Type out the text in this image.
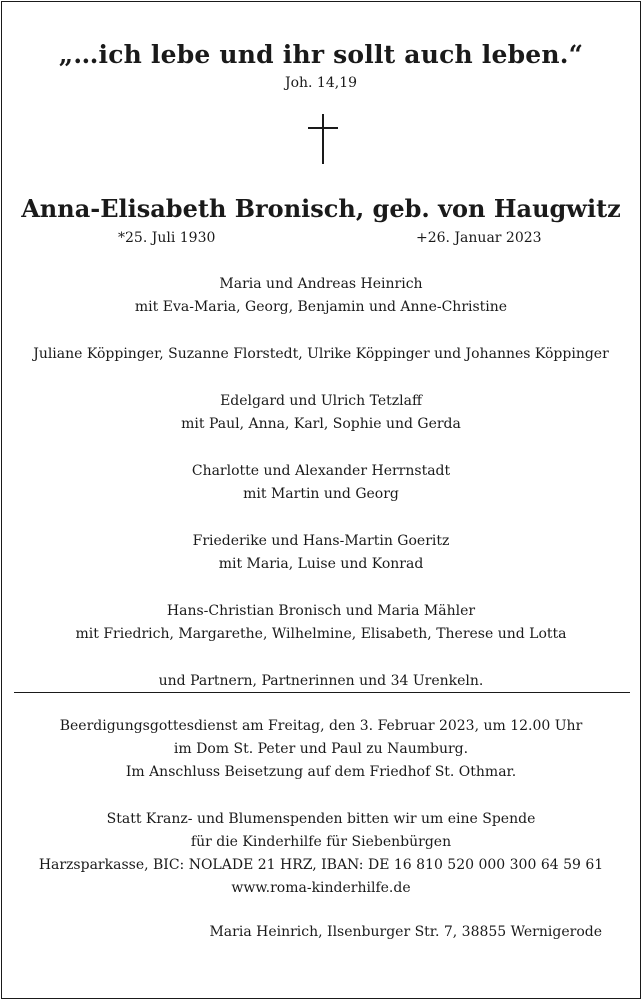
„…ich lebe und ihr sollt auch leben.“
Joh. 14,19
Anna-Elisabeth Bronisch, geb. von Haugwitz
*25. Juli 1930	+26. Januar 2023

Maria und Andreas Heinrich

mit Eva-Maria, Georg, Benjamin und Anne-Christine

Juliane Köppinger, Suzanne Florstedt, Ulrike Köppinger und Johannes Köppinger

Edelgard und Ulrich Tetzlaff

mit Paul, Anna, Karl, Sophie und Gerda

Charlotte und Alexander Herrnstadt

mit Martin und Georg

Friederike und Hans-Martin Goeritz

mit Maria, Luise und Konrad

Hans-Christian Bronisch und Maria Mähler

mit Friedrich, Margarethe, Wilhelmine, Elisabeth, Therese und Lotta

und Partnern, Partnerinnen und 34 Urenkeln.

Beerdigungsgottesdienst am Freitag, den 3. Februar 2023, um 12.00 Uhr

im Dom St. Peter und Paul zu Naumburg.

Im Anschluss Beisetzung auf dem Friedhof St. Othmar.

Statt Kranz- und Blumenspenden bitten wir um eine Spende

für die Kinderhilfe für Siebenbürgen

Harzsparkasse, BIC: NOLADE 21 HRZ, IBAN: DE 16 810 520 000 300 64 59 61

www.roma-kinderhilfe.de

Maria Heinrich, Ilsenburger Str. 7, 38855 Wernigerode
